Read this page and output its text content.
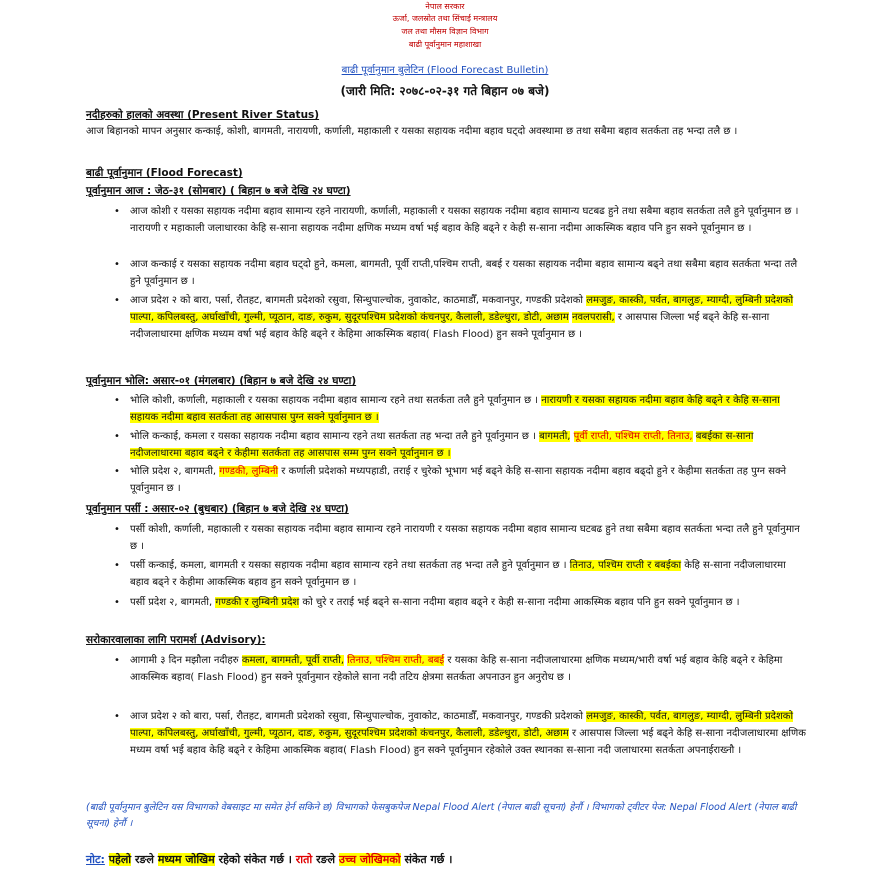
नेपाल सरकार
ऊर्जा, जलस्रोत तथा सिंचाई मन्त्रालय
जल तथा मौसम विज्ञान विभाग
बाढी पूर्वानुमान महाशाखा
बाढी पूर्वानुमान बुलेटिन (Flood Forecast Bulletin)
(जारी मिति: २०७८-०२-३१ गते बिहान ०७ बजे)
नदीहरुको हालको अवस्था (Present River Status)
आज बिहानको मापन अनुसार कन्काई, कोशी, बागमती, नारायणी, कर्णाली, महाकाली र यसका सहायक नदीमा बहाव घट्दो अवस्थामा छ तथा सबैमा बहाव सतर्कता तह भन्दा तलै छ ।
बाढी पूर्वानुमान (Flood Forecast)
पूर्वानुमान आज : जेठ-३१ (सोमबार) ( बिहान ७ बजे देखि २४ घण्टा)
• आज कोशी र यसका सहायक नदीमा बहाव सामान्य रहने नारायणी, कर्णाली, महाकाली र यसका सहायक नदीमा बहाव सामान्य घटबढ हुने तथा सबैमा बहाव सतर्कता तलै हुने पूर्वानुमान छ । नारायणी र महाकाली जलाधारका केहि स-साना सहायक नदीमा क्षणिक मध्यम वर्षा भई बहाव केहि बढ्ने र केही स-साना नदीमा आकस्मिक बहाव पनि हुन सक्ने पूर्वानुमान छ ।
• आज कन्काई र यसका सहायक नदीमा बहाव घट्दो हुने, कमला, बागमती, पूर्वी राप्ती,पश्चिम राप्ती, बबई र यसका सहायक नदीमा बहाव सामान्य बढ्ने तथा सबैमा बहाव सतर्कता भन्दा तलै हुने पूर्वानुमान छ ।
• आज प्रदेश २ को बारा, पर्सा, रौतहट, बागमती प्रदेशको रसुवा, सिन्धुपाल्चोक, नुवाकोट, काठमाडौँ, मकवानपुर, गण्डकी प्रदेशको लमजुङ, कास्की, पर्वत, बागलुङ, म्याग्दी, लुम्बिनी प्रदेशको पाल्पा, कपिलबस्तु, अर्घाखाँची, गुल्मी, प्यूठान, दाङ, रुकुम, सुदूरपश्चिम प्रदेशको कंचनपुर, कैलाली, डडेल्धुरा, डोटी, अछाम नवलपरासी, र आसपास जिल्ला भई बढ्ने केहि स-साना नदीजलाधारमा क्षणिक मध्यम वर्षा भई बहाव केहि बढ्ने र केहिमा आकस्मिक बहाव( Flash Flood) हुन सक्ने पूर्वानुमान छ ।
पूर्वानुमान भोलि: असार-०१ (मंगलबार) (बिहान ७ बजे देखि २४ घण्टा)
• भोलि कोशी, कर्णाली, महाकाली र यसका सहायक नदीमा बहाव सामान्य रहने तथा सतर्कता तलै हुने पूर्वानुमान छ । नारायणी र यसका सहायक नदीमा बहाव केहि बढ्ने र केहि स-साना सहायक नदीमा बहाव सतर्कता तह आसपास पुग्न सक्ने पूर्वानुमान छ ।
• भोलि कन्काई, कमला र यसका सहायक नदीमा बहाव सामान्य रहने तथा सतर्कता तह भन्दा तलै हुने पूर्वानुमान छ । बागमती, पूर्वी राप्ती, पश्चिम राप्ती, तिनाउ, बबईका स-साना नदीजलाधारमा बहाव बढ्ने र केहीमा सतर्कता तह आसपास सम्म पुग्न सक्ने पूर्वानुमान छ ।
• भोलि प्रदेश २, बागमती, गण्डकी, लुम्बिनी र कर्णाली प्रदेशको मध्यपहाडी, तराई र चुरेको भूभाग भई बढ्ने केहि स-साना सहायक नदीमा बहाव बढ्दो हुने र केहीमा सतर्कता तह पुग्न सक्ने पूर्वानुमान छ ।
पूर्वानुमान पर्सी : असार-०२ (बुधबार) (बिहान ७ बजे देखि २४ घण्टा)
• पर्सी कोशी, कर्णाली, महाकाली र यसका सहायक नदीमा बहाव सामान्य रहने नारायणी र यसका सहायक नदीमा बहाव सामान्य घटबढ हुने तथा सबैमा बहाव सतर्कता भन्दा तलै हुने पूर्वानुमान छ ।
• पर्सी कन्काई, कमला, बागमती र यसका सहायक नदीमा बहाव सामान्य रहने तथा सतर्कता तह भन्दा तलै हुने पूर्वानुमान छ । तिनाउ, पश्चिम राप्ती र बबईका केहि स-साना नदीजलाधारमा बहाव बढ्ने र केहीमा आकस्मिक बहाव हुन सक्ने पूर्वानुमान छ ।
• पर्सी प्रदेश २, बागमती, गण्डकी र लुम्बिनी प्रदेश को चुरे र तराई भई बढ्ने स-साना नदीमा बहाव बढ्ने र केही स-साना नदीमा आकस्मिक बहाव पनि हुन सक्ने पूर्वानुमान छ ।
सरोकारवालाका लागि परामर्श (Advisory):
• आगामी ३ दिन मझौला नदीहरु कमला, बागमती, पूर्वी राप्ती, तिनाउ, पश्चिम राप्ती, बबई र यसका केहि स-साना नदीजलाधारमा क्षणिक मध्यम/भारी वर्षा भई बहाव केहि बढ्ने र केहिमा आकस्मिक बहाव( Flash Flood) हुन सक्ने पूर्वानुमान रहेकोले साना नदी तटिय क्षेत्रमा सतर्कता अपनाउन हुन अनुरोध छ ।
• आज प्रदेश २ को बारा, पर्सा, रौतहट, बागमती प्रदेशको रसुवा, सिन्धुपाल्चोक, नुवाकोट, काठमाडौँ, मकवानपुर, गण्डकी प्रदेशको लमजुङ, कास्की, पर्वत, बागलुङ, म्याग्दी, लुम्बिनी प्रदेशको पाल्पा, कपिलबस्तु, अर्घाखाँची, गुल्मी, प्यूठान, दाङ, रुकुम, सुदूरपश्चिम प्रदेशको कंचनपुर, कैलाली, डडेल्धुरा, डोटी, अछाम र आसपास जिल्ला भई बढ्ने केहि स-साना नदीजलाधारमा क्षणिक मध्यम वर्षा भई बहाव केहि बढ्ने र केहिमा आकस्मिक बहाव( Flash Flood) हुन सक्ने पूर्वानुमान रहेकोले उक्त स्थानका स-साना नदी जलाधारमा सतर्कता अपनाईराख्नौ ।
(बाढी पूर्वानुमान बुलेटिन यस विभागको वेबसाइट मा समेत हेर्न सकिने छ) विभागको फेसबुकपेज Nepal Flood Alert (नेपाल बाढी सूचना) हेर्नौ । विभागको ट्वीटर पेज: Nepal Flood Alert (नेपाल बाढी सूचना) हेर्नौ ।
नोट: पहेलो रङले मध्यम जोखिम रहेको संकेत गर्छ । रातो रङले उच्च जोखिमको संकेत गर्छ ।
